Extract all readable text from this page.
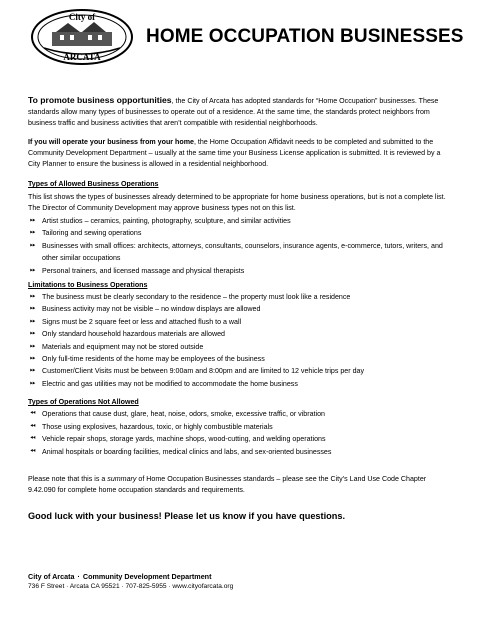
City of
ARCATA
HOME OCCUPATION BUSINESSES

To promote business opportunities, the City of Arcata has adopted standards for “Home Occupation” businesses. These standards allow many types of businesses to operate out of a residence. At the same time, the standards protect neighbors from business traffic and business activities that aren’t compatible with residential neighborhoods.

If you will operate your business from your home, the Home Occupation Affidavit needs to be completed and submitted to the Community Development Department – usually at the same time your Business License application is submitted. It is reviewed by a City Planner to ensure the business is allowed in a residential neighborhood.

Types of Allowed Business Operations

This list shows the types of businesses already determined to be appropriate for home business operations, but is not a complete list. The Director of Community Development may approve business types not on this list.

⏩︎ Artist studios – ceramics, painting, photography, sculpture, and similar activities
⏩︎ Tailoring and sewing operations
⏩︎ Businesses with small offices: architects, attorneys, consultants, counselors, insurance agents, e-commerce, tutors, writers, and other similar occupations
⏩︎ Personal trainers, and licensed massage and physical therapists
Limitations to Business Operations
⏩︎ The business must be clearly secondary to the residence – the property must look like a residence
⏩︎ Business activity may not be visible – no window displays are allowed
⏩︎ Signs must be 2 square feet or less and attached flush to a wall
⏩︎ Only standard household hazardous materials are allowed
⏩︎ Materials and equipment may not be stored outside
⏩︎ Only full-time residents of the home may be employees of the business
⏩︎ Customer/Client Visits must be between 9:00am and 8:00pm and are limited to 12 vehicle trips per day
⏩︎ Electric and gas utilities may not be modified to accommodate the home business
Types of Operations Not Allowed
⏪︎ Operations that cause dust, glare, heat, noise, odors, smoke, excessive traffic, or vibration
⏪︎ Those using explosives, hazardous, toxic, or highly combustible materials
⏪︎ Vehicle repair shops, storage yards, machine shops, wood-cutting, and welding operations
⏪︎ Animal hospitals or boarding facilities, medical clinics and labs, and sex-oriented businesses

Please note that this is a summary of Home Occupation Businesses standards – please see the City’s Land Use Code Chapter 9.42.090 for complete home occupation standards and requirements.

Good luck with your business! Please let us know if you have questions.
City of Arcata · Community Development Department
736 F Street · Arcata CA 95521 · 707-825-5955 · www.cityofarcata.org
